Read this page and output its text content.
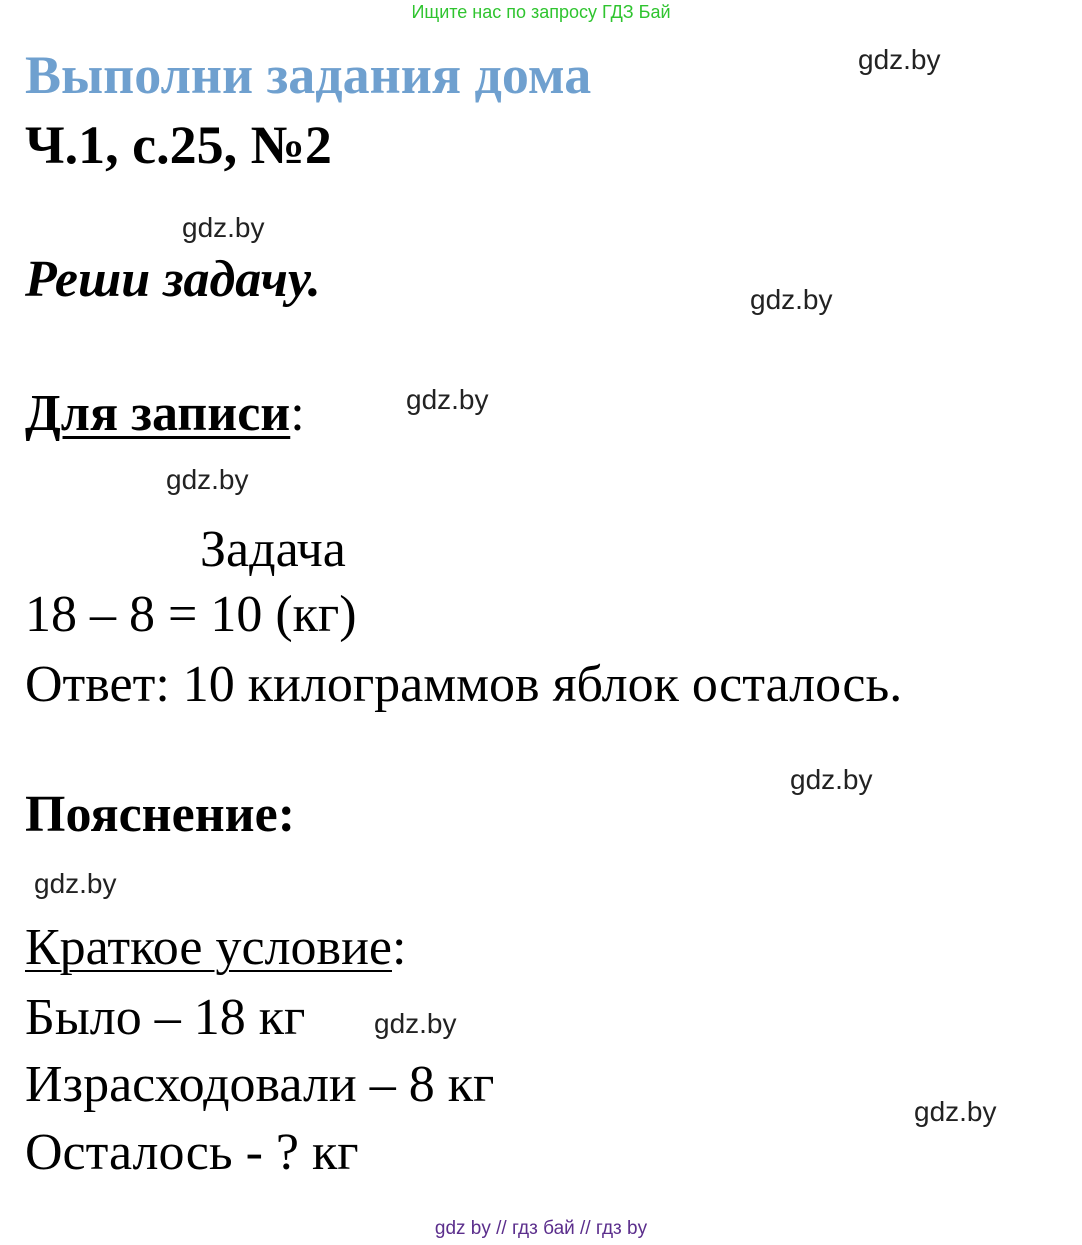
Ищите нас по запросу ГДЗ Бай
Выполни задания дома
Ч.1, с.25, №2
Реши задачу.
Для записи:
Задача
18 – 8 = 10 (кг)
Ответ: 10 килограммов яблок осталось.
Пояснение:
Краткое условие:
Было – 18 кг
Израсходовали – 8 кг
Осталось - ? кг
gdz.by
gdz.by
gdz.by
gdz.by
gdz.by
gdz.by
gdz.by
gdz.by
gdz.by
gdz by // гдз бай // гдз by
